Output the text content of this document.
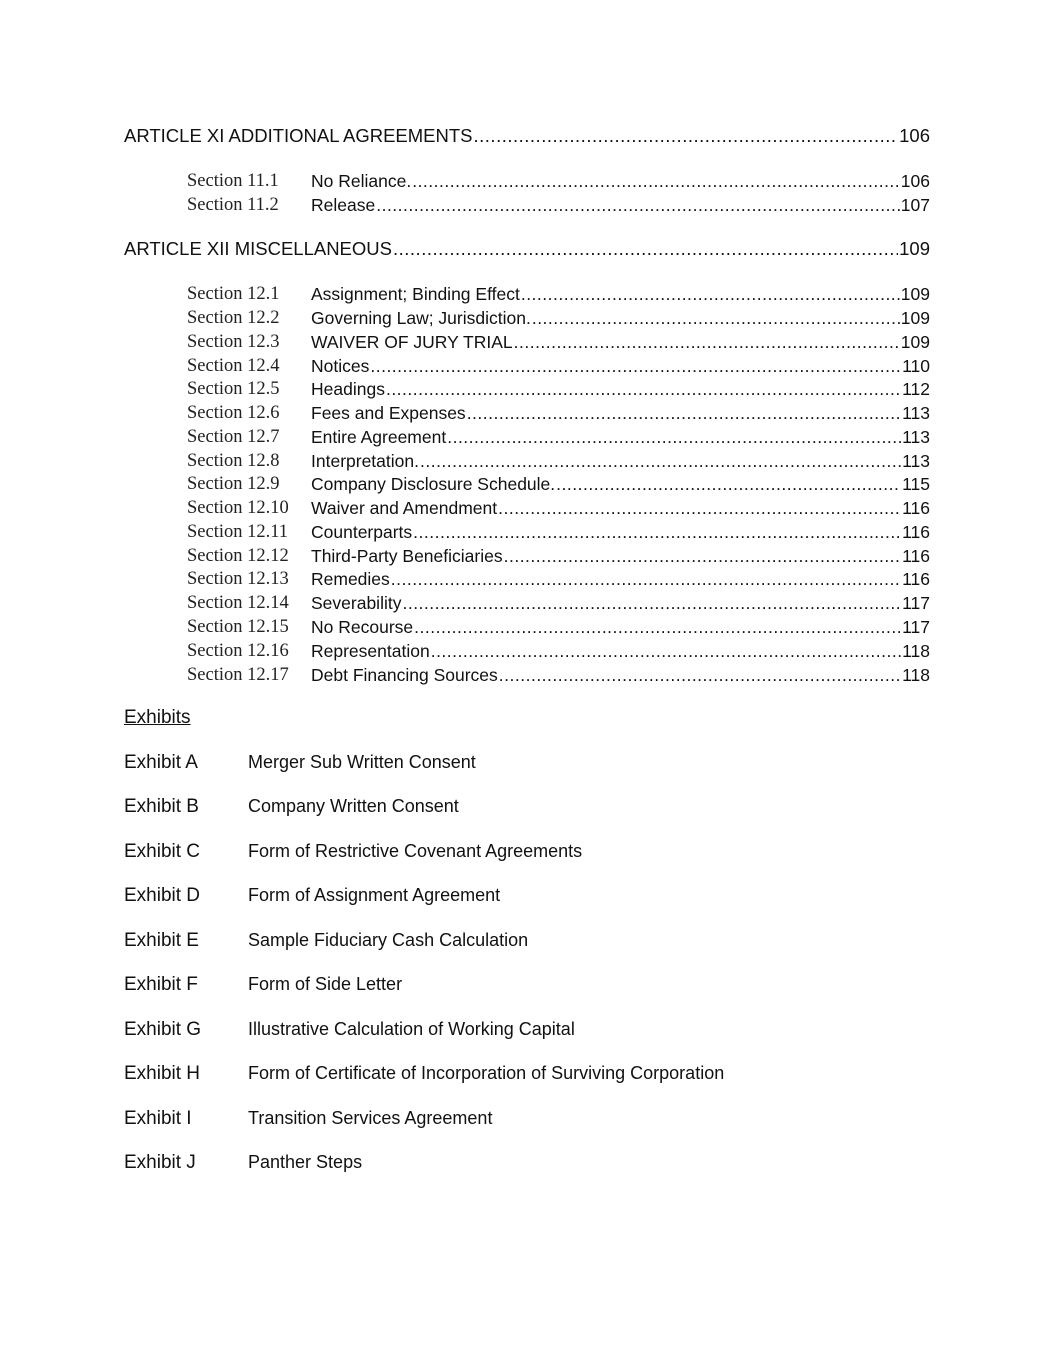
ARTICLE XI ADDITIONAL AGREEMENTS .....	106
Section 11.1	No Reliance. .....	106
Section 11.2	Release .....	107
ARTICLE XII MISCELLANEOUS .....	109
Section 12.1	Assignment; Binding Effect .....	109
Section 12.2	Governing Law; Jurisdiction. .....	109
Section 12.3	WAIVER OF JURY TRIAL .....	109
Section 12.4	Notices .....	110
Section 12.5	Headings .....	112
Section 12.6	Fees and Expenses .....	113
Section 12.7	Entire Agreement .....	113
Section 12.8	Interpretation. .....	113
Section 12.9	Company Disclosure Schedule. .....	115
Section 12.10	Waiver and Amendment .....	116
Section 12.11	Counterparts .....	116
Section 12.12	Third-Party Beneficiaries .....	116
Section 12.13	Remedies .....	116
Section 12.14	Severability .....	117
Section 12.15	No Recourse .....	117
Section 12.16	Representation .....	118
Section 12.17	Debt Financing Sources .....	118
Exhibits
Exhibit A	Merger Sub Written Consent
Exhibit B	Company Written Consent
Exhibit C	Form of Restrictive Covenant Agreements
Exhibit D	Form of Assignment Agreement
Exhibit E	Sample Fiduciary Cash Calculation
Exhibit F	Form of Side Letter
Exhibit G	Illustrative Calculation of Working Capital
Exhibit H	Form of Certificate of Incorporation of Surviving Corporation
Exhibit I	Transition Services Agreement
Exhibit J	Panther Steps
